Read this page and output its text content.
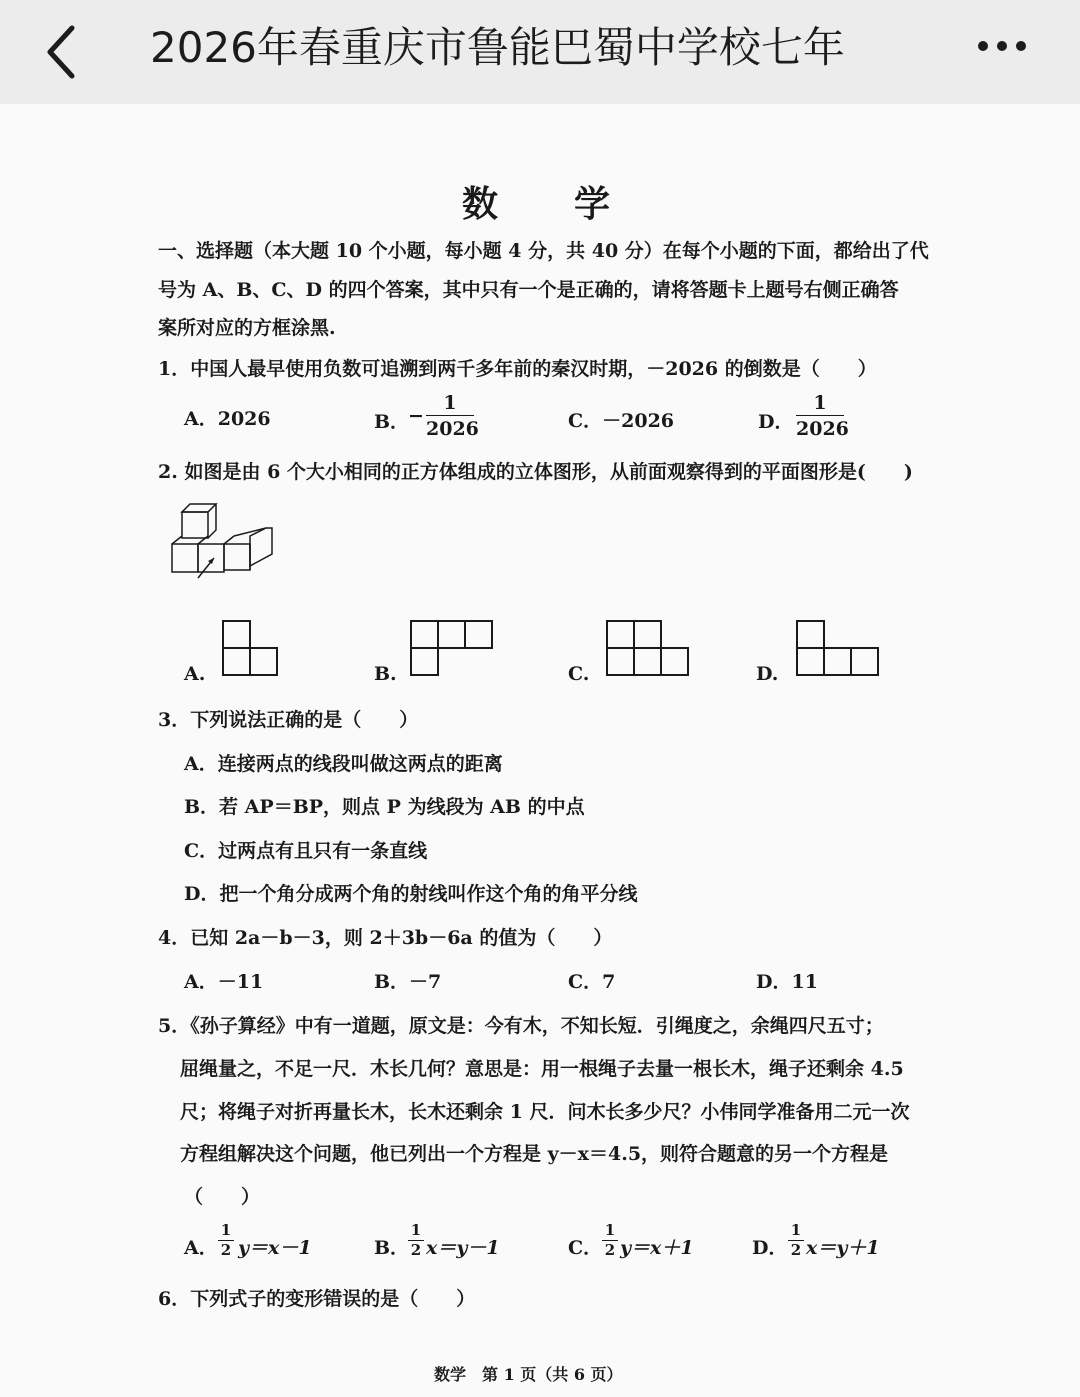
2026年春重庆市鲁能巴蜀中学校七年
数学
一、选择题（本大题 10 个小题，每小题 4 分，共 40 分）在每个小题的下面，都给出了代
号为 A、B、C、D 的四个答案，其中只有一个是正确的，请将答题卡上题号右侧正确答
案所对应的方框涂黑.
1．中国人最早使用负数可追溯到两千多年前的秦汉时期，－2026 的倒数是（　　）
A．2026	B．
− $\frac{1}{2026}$	C．－2026	D． $\frac{1}{2026}$
2. 如图是由 6 个大小相同的正方体组成的立体图形，从前面观察得到的平面图形是(　　)
A.	B.	C.	D.
3．下列说法正确的是（　　）
A．连接两点的线段叫做这两点的距离
B．若 AP＝BP，则点 P 为线段为 AB 的中点
C．过两点有且只有一条直线
D．把一个角分成两个角的射线叫作这个角的角平分线
4．已知 2a－b－3，则 2＋3b－6a 的值为（　　）
A．－11	B．－7	C．7	D．11
5．《孙子算经》中有一道题，原文是：今有木，不知长短．引绳度之，余绳四尺五寸；
屈绳量之，不足一尺．木长几何？意思是：用一根绳子去量一根长木，绳子还剩余 4.5
尺；将绳子对折再量长木，长木还剩余 1 尺．问木长多少尺？小伟同学准备用二元一次
方程组解决这个问题，他已列出一个方程是 y－x＝4.5，则符合题意的另一个方程是
（　　）
A． $\frac{1}{2} y=x-1$	B．
$\frac{1}{2} x=y-1$	C． $\frac{1}{2} y=x+1$	D． $\frac{1}{2} x=y+1$
6．下列式子的变形错误的是（　　）
数学　第 1 页（共 6 页）
